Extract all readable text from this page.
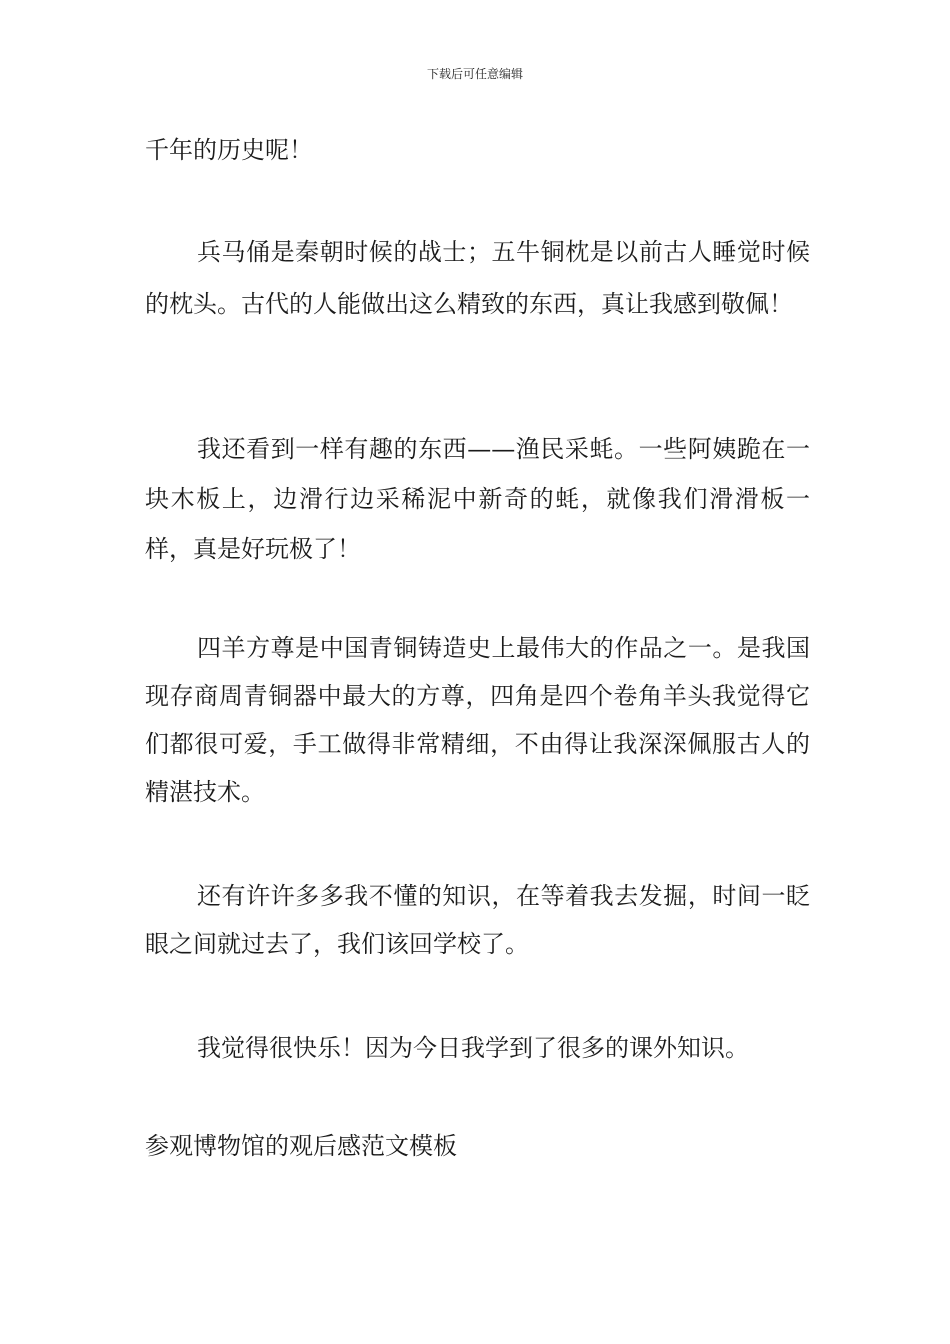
下载后可任意编辑

千年的历史呢！

兵马俑是秦朝时候的战士；五牛铜枕是以前古人睡觉时候的枕头。古代的人能做出这么精致的东西，真让我感到敬佩！

我还看到一样有趣的东西——渔民采蚝。一些阿姨跪在一块木板上，边滑行边采稀泥中新奇的蚝，就像我们滑滑板一样，真是好玩极了！

四羊方尊是中国青铜铸造史上最伟大的作品之一。是我国现存商周青铜器中最大的方尊，四角是四个卷角羊头我觉得它们都很可爱，手工做得非常精细，不由得让我深深佩服古人的精湛技术。

还有许许多多我不懂的知识，在等着我去发掘，时间一眨眼之间就过去了，我们该回学校了。

我觉得很快乐！因为今日我学到了很多的课外知识。

参观博物馆的观后感范文模板
